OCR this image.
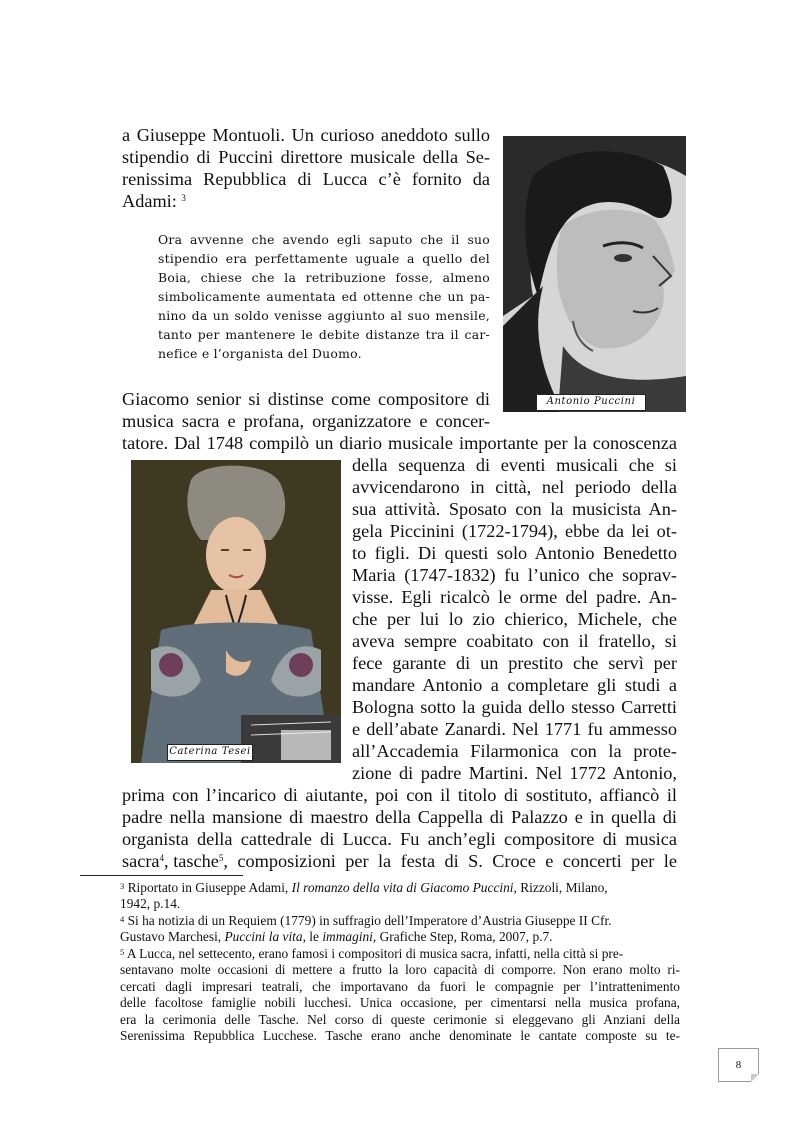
a Giuseppe Montuoli. Un curioso aneddoto sullo
stipendio di Puccini direttore musicale della Se-
renissima Repubblica di Lucca c’è fornito da
Adami: $^3$
Ora avvenne che avendo egli saputo che il suo
stipendio era perfettamente uguale a quello del
Boia, chiese che la retribuzione fosse, almeno
simbolicamente aumentata ed ottenne che un pa-
nino da un soldo venisse aggiunto al suo mensile,
tanto per mantenere le debite distanze tra il car-
nefice e l’organista del Duomo.
Antonio Puccini
Caterina Tesei
Giacomo senior si distinse come compositore di
musica sacra e profana, organizzatore e concer-
tatore. Dal 1748 compilò un diario musicale importante per la conoscenza
della sequenza di eventi musicali che si
avvicendarono in città, nel periodo della
sua attività. Sposato con la musicista An-
gela Piccinini (1722-1794), ebbe da lei ot-
to figli. Di questi solo Antonio Benedetto
Maria (1747-1832) fu l’unico che soprav-
visse. Egli ricalcò le orme del padre. An-
che per lui lo zio chierico, Michele, che
aveva sempre coabitato con il fratello, si
fece garante di un prestito che servì per
mandare Antonio a completare gli studi a
Bologna sotto la guida dello stesso Carretti
e dell’abate Zanardi. Nel 1771 fu ammesso
all’Accademia Filarmonica con la prote-
zione di padre Martini. Nel 1772 Antonio,
prima con l’incarico di aiutante, poi con il titolo di sostituto, affiancò il
padre nella mansione di maestro della Cappella di Palazzo e in quella di
organista della cattedrale di Lucca. Fu anch’egli compositore di musica
sacra$^4$, tasche$^5$ , composizioni per la festa di S. Croce e concerti per le
$^3$ Riportato in Giuseppe Adami, Il romanzo della vita di Giacomo Puccini, Rizzoli, Milano,
1942, p.14.
$^4$ Si ha notizia di un Requiem (1779) in suffragio dell’Imperatore d’Austria Giuseppe II Cfr.
Gustavo Marchesi, Puccini la vita, le immagini, Grafiche Step, Roma, 2007, p.7.
$^5$ A Lucca, nel settecento, erano famosi i compositori di musica sacra, infatti, nella città si pre-
sentavano molte occasioni di mettere a frutto la loro capacità di comporre. Non erano molto ri-
cercati dagli impresari teatrali, che importavano da fuori le compagnie per l’intrattenimento
delle facoltose famiglie nobili lucchesi. Unica occasione, per cimentarsi nella musica profana,
era la cerimonia delle Tasche. Nel corso di queste cerimonie si eleggevano gli Anziani della
Serenissima Repubblica Lucchese. Tasche erano anche denominate le cantate composte su te-
8
